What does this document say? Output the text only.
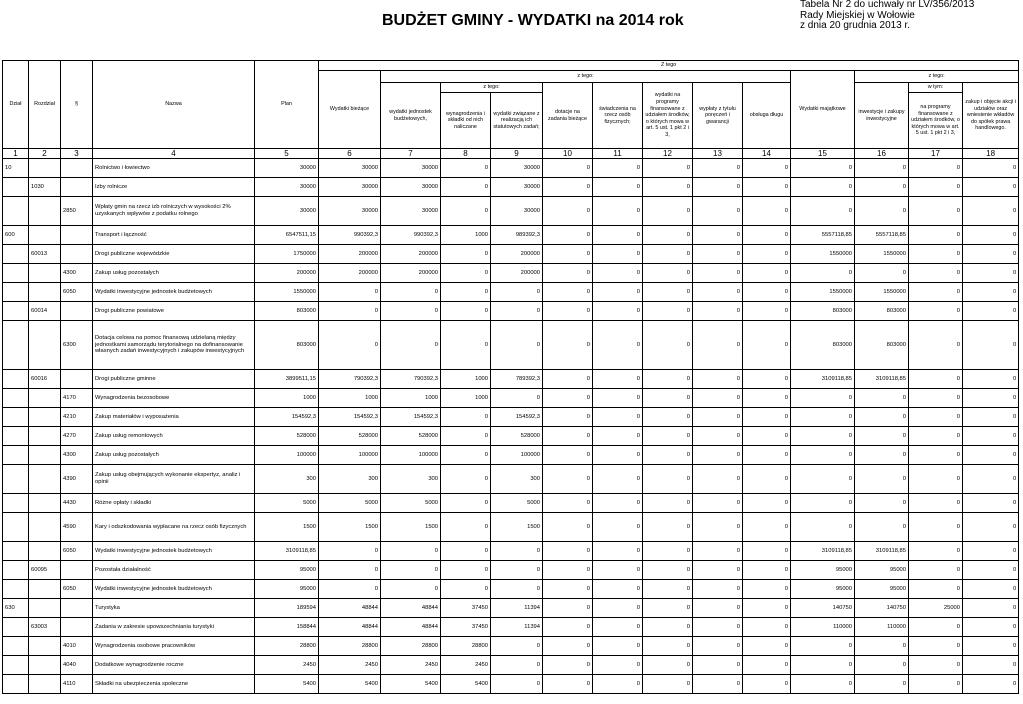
BUDŻET GMINY - WYDATKI na 2014 rok
Tabela Nr 2 do uchwały nr LV/356/2013
Rady Miejskiej w Wołowie
z dnia 20 grudnia 2013 r.
Dział	Rozdział	§	Nazwa	Plan	Z tego												
					Wydatki bieżące	z tego:								Wydatki majątkowe	z tego:		
						wydatki jednostek budżetowych,	z tego:		dotacje na zadania bieżące	świadczenia na rzecz osób fizycznych;	wydatki na programy finansowane z udziałem środków, o których mowa w art. 5 ust. 1 pkt 2 i 3,	wypłaty z tytułu poręczeń i gwarancji	obsługa długu		inwestycje i zakupy inwestycyjne	w tym:	zakup i objęcie akcji i udziałów oraz wniesienie wkładów do spółek prawa handlowego.
							wynagrodzenia i składki od nich naliczane	wydatki związane z realizacją ich statutowych zadań;								na programy finansowane z udziałem środków, o których mowa w art. 5 ust. 1 pkt 2 i 3,	
1	2	3	4	5	6	7	8	9	10	11	12	13	14	15	16	17	18
10			Rolnictwo i łowiectwo	30000	30000	30000	0	30000	0	0	0	0	0	0	0	0	0
	1030		Izby rolnicze	30000	30000	30000	0	30000	0	0	0	0	0	0	0	0	0
		2850	Wpłaty gmin na rzecz izb rolniczych w wysokości 2% uzyskanych wpływów z podatku rolnego	30000	30000	30000	0	30000	0	0	0	0	0	0	0	0	0
600			Transport i łączność	6547511,15	990392,3	990392,3	1000	989392,3	0	0	0	0	0	5557118,85	5557118,85	0	0
	60013		Drogi publiczne wojewódzkie	1750000	200000	200000	0	200000	0	0	0	0	0	1550000	1550000	0	0
		4300	Zakup usług pozostałych	200000	200000	200000	0	200000	0	0	0	0	0	0	0	0	0
		6050	Wydatki inwestycyjne jednostek budżetowych	1550000	0	0	0	0	0	0	0	0	0	1550000	1550000	0	0
	60014		Drogi publiczne powiatowe	803000	0	0	0	0	0	0	0	0	0	803000	803000	0	0
		6300	Dotacja celowa na pomoc finansową udzielaną między jednostkami samorządu terytorialnego na dofinansowanie własnych zadań inwestycyjnych i zakupów inwestycyjnych	803000	0	0	0	0	0	0	0	0	0	803000	803000	0	0
	60016		Drogi publiczne gminne	3899511,15	790392,3	790392,3	1000	789392,3	0	0	0	0	0	3109118,85	3109118,85	0	0
		4170	Wynagrodzenia bezosobowe	1000	1000	1000	1000	0	0	0	0	0	0	0	0	0	0
		4210	Zakup materiałów i wyposażenia	154592,3	154592,3	154592,3	0	154592,3	0	0	0	0	0	0	0	0	0
		4270	Zakup usług remontowych	528000	528000	528000	0	528000	0	0	0	0	0	0	0	0	0
		4300	Zakup usług pozostałych	100000	100000	100000	0	100000	0	0	0	0	0	0	0	0	0
		4390	Zakup usług obejmujących wykonanie ekspertyz, analiz i opinii	300	300	300	0	300	0	0	0	0	0	0	0	0	0
		4430	Różne opłaty i składki	5000	5000	5000	0	5000	0	0	0	0	0	0	0	0	0
		4590	Kary i odszkodowania wypłacane na rzecz osób fizycznych	1500	1500	1500	0	1500	0	0	0	0	0	0	0	0	0
		6050	Wydatki inwestycyjne jednostek budżetowych	3109118,85	0	0	0	0	0	0	0	0	0	3109118,85	3109118,85	0	0
	60095		Pozostała działalność	95000	0	0	0	0	0	0	0	0	0	95000	95000	0	0
		6050	Wydatki inwestycyjne jednostek budżetowych	95000	0	0	0	0	0	0	0	0	0	95000	95000	0	0
630			Turystyka	189594	48844	48844	37450	11394	0	0	0	0	0	140750	140750	25000	0
	63003		Zadania w zakresie upowszechniania turystyki	158844	48844	48844	37450	11394	0	0	0	0	0	110000	110000	0	0
		4010	Wynagrodzenia osobowe pracowników	28800	28800	28800	28800	0	0	0	0	0	0	0	0	0	0
		4040	Dodatkowe wynagrodzenie roczne	2450	2450	2450	2450	0	0	0	0	0	0	0	0	0	0
		4110	Składki na ubezpieczenia społeczne	5400	5400	5400	5400	0	0	0	0	0	0	0	0	0	0
